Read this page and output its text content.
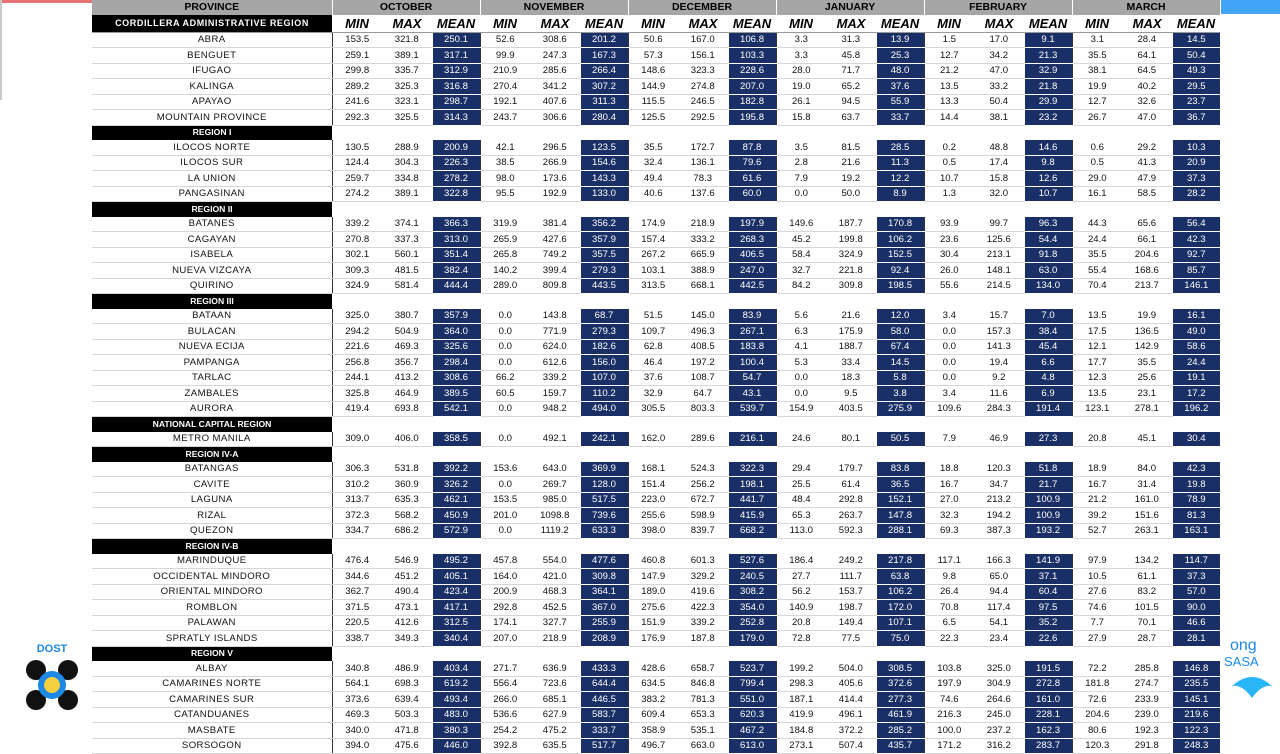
PROVINCE	OCTOBER			NOVEMBER			DECEMBER			JANUARY			FEBRUARY			MARCH		
CORDILLERA ADMINISTRATIVE REGION	MIN	MAX	MEAN	MIN	MAX	MEAN	MIN	MAX	MEAN	MIN	MAX	MEAN	MIN	MAX	MEAN	MIN	MAX	MEAN
ABRA	153.5	321.8	250.1	52.6	308.6	201.2	50.6	167.0	106.8	3.3	31.3	13.9	1.5	17.0	9.1	3.1	28.4	14.5
BENGUET	259.1	389.1	317.1	99.9	247.3	167.3	57.3	156.1	103.3	3.3	45.8	25.3	12.7	34.2	21.3	35.5	64.1	50.4
IFUGAO	299.8	335.7	312.9	210.9	285.6	266.4	148.6	323.3	228.6	28.0	71.7	48.0	21.2	47.0	32.9	38.1	64.5	49.3
KALINGA	289.2	325.3	316.8	270.4	341.2	307.2	144.9	274.8	207.0	19.0	65.2	37.6	13.5	33.2	21.8	19.9	40.2	29.5
APAYAO	241.6	323.1	298.7	192.1	407.6	311.3	115.5	246.5	182.8	26.1	94.5	55.9	13.3	50.4	29.9	12.7	32.6	23.7
MOUNTAIN PROVINCE	292.3	325.5	314.3	243.7	306.6	280.4	125.5	292.5	195.8	15.8	63.7	33.7	14.4	38.1	23.2	26.7	47.0	36.7
REGION I																		
ILOCOS NORTE	130.5	288.9	200.9	42.1	296.5	123.5	35.5	172.7	87.8	3.5	81.5	28.5	0.2	48.8	14.6	0.6	29.2	10.3
ILOCOS SUR	124.4	304.3	226.3	38.5	266.9	154.6	32.4	136.1	79.6	2.8	21.6	11.3	0.5	17.4	9.8	0.5	41.3	20.9
LA UNION	259.7	334.8	278.2	98.0	173.6	143.3	49.4	78.3	61.6	7.9	19.2	12.2	10.7	15.8	12.6	29.0	47.9	37.3
PANGASINAN	274.2	389.1	322.8	95.5	192.9	133.0	40.6	137.6	60.0	0.0	50.0	8.9	1.3	32.0	10.7	16.1	58.5	28.2
REGION II																		
BATANES	339.2	374.1	366.3	319.9	381.4	356.2	174.9	218.9	197.9	149.6	187.7	170.8	93.9	99.7	96.3	44.3	65.6	56.4
CAGAYAN	270.8	337.3	313.0	265.9	427.6	357.9	157.4	333.2	268.3	45.2	199.8	106.2	23.6	125.6	54.4	24.4	66.1	42.3
ISABELA	302.1	560.1	351.4	265.8	749.2	357.5	267.2	665.9	406.5	58.4	324.9	152.5	30.4	213.1	91.8	35.5	204.6	92.7
NUEVA VIZCAYA	309.3	481.5	382.4	140.2	399.4	279.3	103.1	388.9	247.0	32.7	221.8	92.4	26.0	148.1	63.0	55.4	168.6	85.7
QUIRINO	324.9	581.4	444.4	289.0	809.8	443.5	313.5	668.1	442.5	84.2	309.8	198.5	55.6	214.5	134.0	70.4	213.7	146.1
REGION III																		
BATAAN	325.0	380.7	357.9	0.0	143.8	68.7	51.5	145.0	83.9	5.6	21.6	12.0	3.4	15.7	7.0	13.5	19.9	16.1
BULACAN	294.2	504.9	364.0	0.0	771.9	279.3	109.7	496.3	267.1	6.3	175.9	58.0	0.0	157.3	38.4	17.5	136.5	49.0
NUEVA ECIJA	221.6	469.3	325.6	0.0	624.0	182.6	62.8	408.5	183.8	4.1	188.7	67.4	0.0	141.3	45.4	12.1	142.9	58.6
PAMPANGA	256.8	356.7	298.4	0.0	612.6	156.0	46.4	197.2	100.4	5.3	33.4	14.5	0.0	19.4	6.6	17.7	35.5	24.4
TARLAC	244.1	413.2	308.6	66.2	339.2	107.0	37.6	108.7	54.7	0.0	18.3	5.8	0.0	9.2	4.8	12.3	25.6	19.1
ZAMBALES	325.8	464.9	389.5	60.5	159.7	110.2	32.9	64.7	43.1	0.0	9.5	3.8	3.4	11.6	6.9	13.5	23.1	17.2
AURORA	419.4	693.8	542.1	0.0	948.2	494.0	305.5	803.3	539.7	154.9	403.5	275.9	109.6	284.3	191.4	123.1	278.1	196.2
NATIONAL CAPITAL REGION																		
METRO MANILA	309.0	406.0	358.5	0.0	492.1	242.1	162.0	289.6	216.1	24.6	80.1	50.5	7.9	46.9	27.3	20.8	45.1	30.4
REGION IV-A																		
BATANGAS	306.3	531.8	392.2	153.6	643.0	369.9	168.1	524.3	322.3	29.4	179.7	83.8	18.8	120.3	51.8	18.9	84.0	42.3
CAVITE	310.2	360.9	326.2	0.0	269.7	128.0	151.4	256.2	198.1	25.5	61.4	36.5	16.7	34.7	21.7	16.7	31.4	19.8
LAGUNA	313.7	635.3	462.1	153.5	985.0	517.5	223.0	672.7	441.7	48.4	292.8	152.1	27.0	213.2	100.9	21.2	161.0	78.9
RIZAL	372.3	568.2	450.9	201.0	1098.8	739.6	255.6	598.9	415.9	65.3	263.7	147.8	32.3	194.2	100.9	39.2	151.6	81.3
QUEZON	334.7	686.2	572.9	0.0	1119.2	633.3	398.0	839.7	668.2	113.0	592.3	288.1	69.3	387.3	193.2	52.7	263.1	163.1
REGION IV-B																		
MARINDUQUE	476.4	546.9	495.2	457.8	554.0	477.6	460.8	601.3	527.6	186.4	249.2	217.8	117.1	166.3	141.9	97.9	134.2	114.7
OCCIDENTAL MINDORO	344.6	451.2	405.1	164.0	421.0	309.8	147.9	329.2	240.5	27.7	111.7	63.8	9.8	65.0	37.1	10.5	61.1	37.3
ORIENTAL MINDORO	362.7	490.4	423.4	200.9	468.3	364.1	189.0	419.6	308.2	56.2	153.7	106.2	26.4	94.4	60.4	27.6	83.2	57.0
ROMBLON	371.5	473.1	417.1	292.8	452.5	367.0	275.6	422.3	354.0	140.9	198.7	172.0	70.8	117.4	97.5	74.6	101.5	90.0
PALAWAN	220.5	412.6	312.5	174.1	327.7	255.9	151.9	339.2	252.8	20.8	149.4	107.1	6.5	54.1	35.2	7.7	70.1	46.6
SPRATLY ISLANDS	338.7	349.3	340.4	207.0	218.9	208.9	176.9	187.8	179.0	72.8	77.5	75.0	22.3	23.4	22.6	27.9	28.7	28.1
REGION V																		
ALBAY	340.8	486.9	403.4	271.7	636.9	433.3	428.6	658.7	523.7	199.2	504.0	308.5	103.8	325.0	191.5	72.2	285.8	146.8
CAMARINES NORTE	564.1	698.3	619.2	556.4	723.6	644.4	634.5	846.8	799.4	298.3	405.6	372.6	197.9	304.9	272.8	181.8	274.7	235.5
CAMARINES SUR	373.6	639.4	493.4	266.0	685.1	446.5	383.2	781.3	551.0	187.1	414.4	277.3	74.6	264.6	161.0	72.6	233.9	145.1
CATANDUANES	469.3	503.3	483.0	536.6	627.9	583.7	609.4	653.3	620.3	419.9	496.1	461.9	216.3	245.0	228.1	204.6	239.0	219.6
MASBATE	340.0	471.8	380.3	254.2	475.2	333.7	358.9	535.1	467.2	184.8	372.2	285.2	100.0	237.2	162.3	80.6	192.3	122.3
SORSOGON	394.0	475.6	446.0	392.8	635.5	517.7	496.7	663.0	613.0	273.1	507.4	435.7	171.2	316.2	283.7	120.3	291.8	248.3
DOST	ong
SASA
